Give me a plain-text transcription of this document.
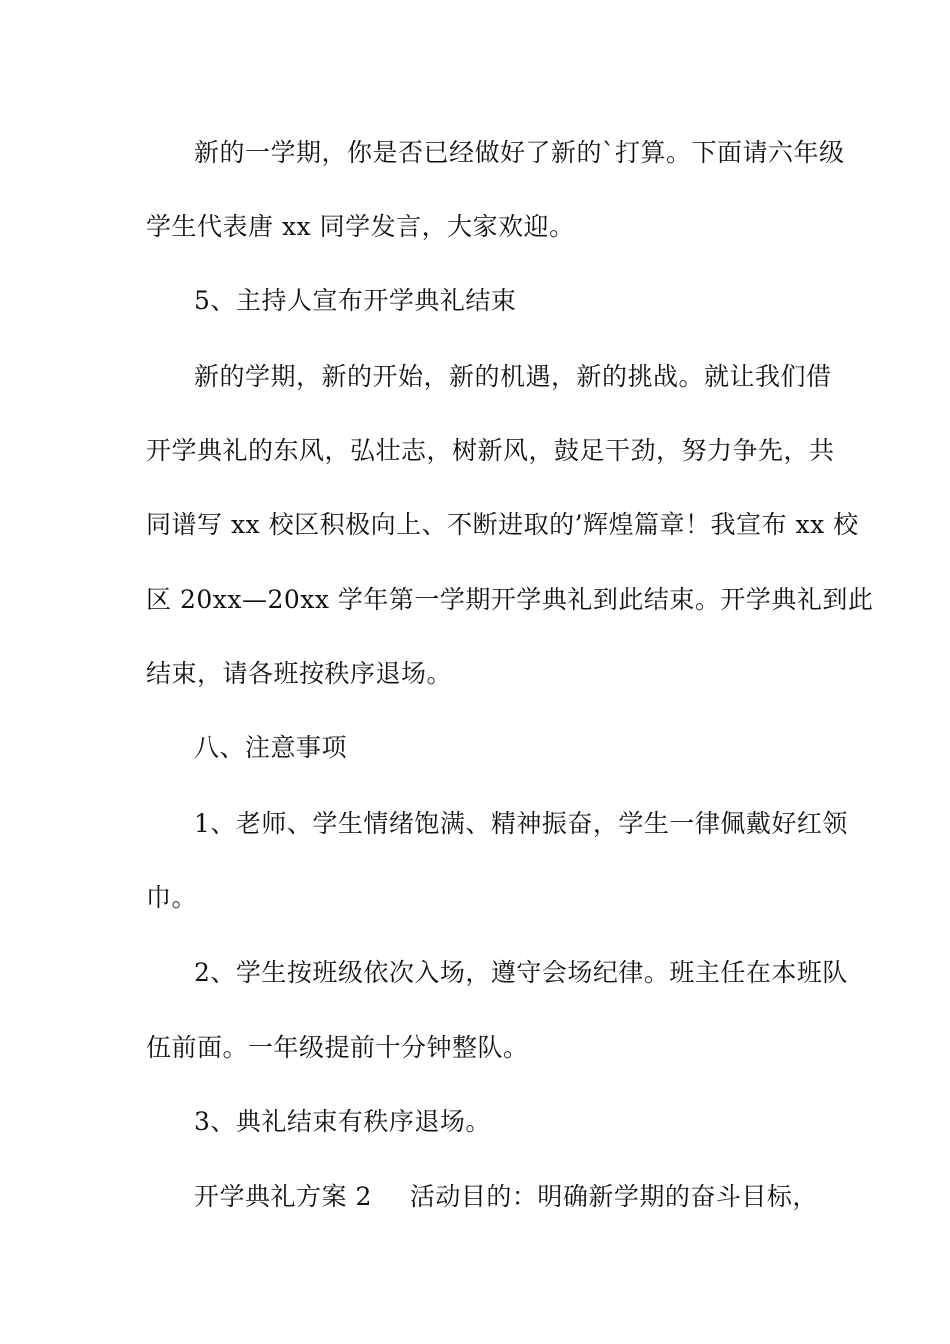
新的一学期，你是否已经做好了新的`打算。下面请六年级
学生代表唐 xx 同学发言，大家欢迎。
5、主持人宣布开学典礼结束
新的学期，新的开始，新的机遇，新的挑战。就让我们借
开学典礼的东风，弘壮志，树新风，鼓足干劲，努力争先，共
同谱写 xx 校区积极向上、不断进取的’辉煌篇章！我宣布 xx 校
区 20xx—20xx 学年第一学期开学典礼到此结束。开学典礼到此
结束，请各班按秩序退场。
八、注意事项
1、老师、学生情绪饱满、精神振奋，学生一律佩戴好红领
巾。
2、学生按班级依次入场，遵守会场纪律。班主任在本班队
伍前面。一年级提前十分钟整队。
3、典礼结束有秩序退场。
开学典礼方案 2 活动目的：明确新学期的奋斗目标，
